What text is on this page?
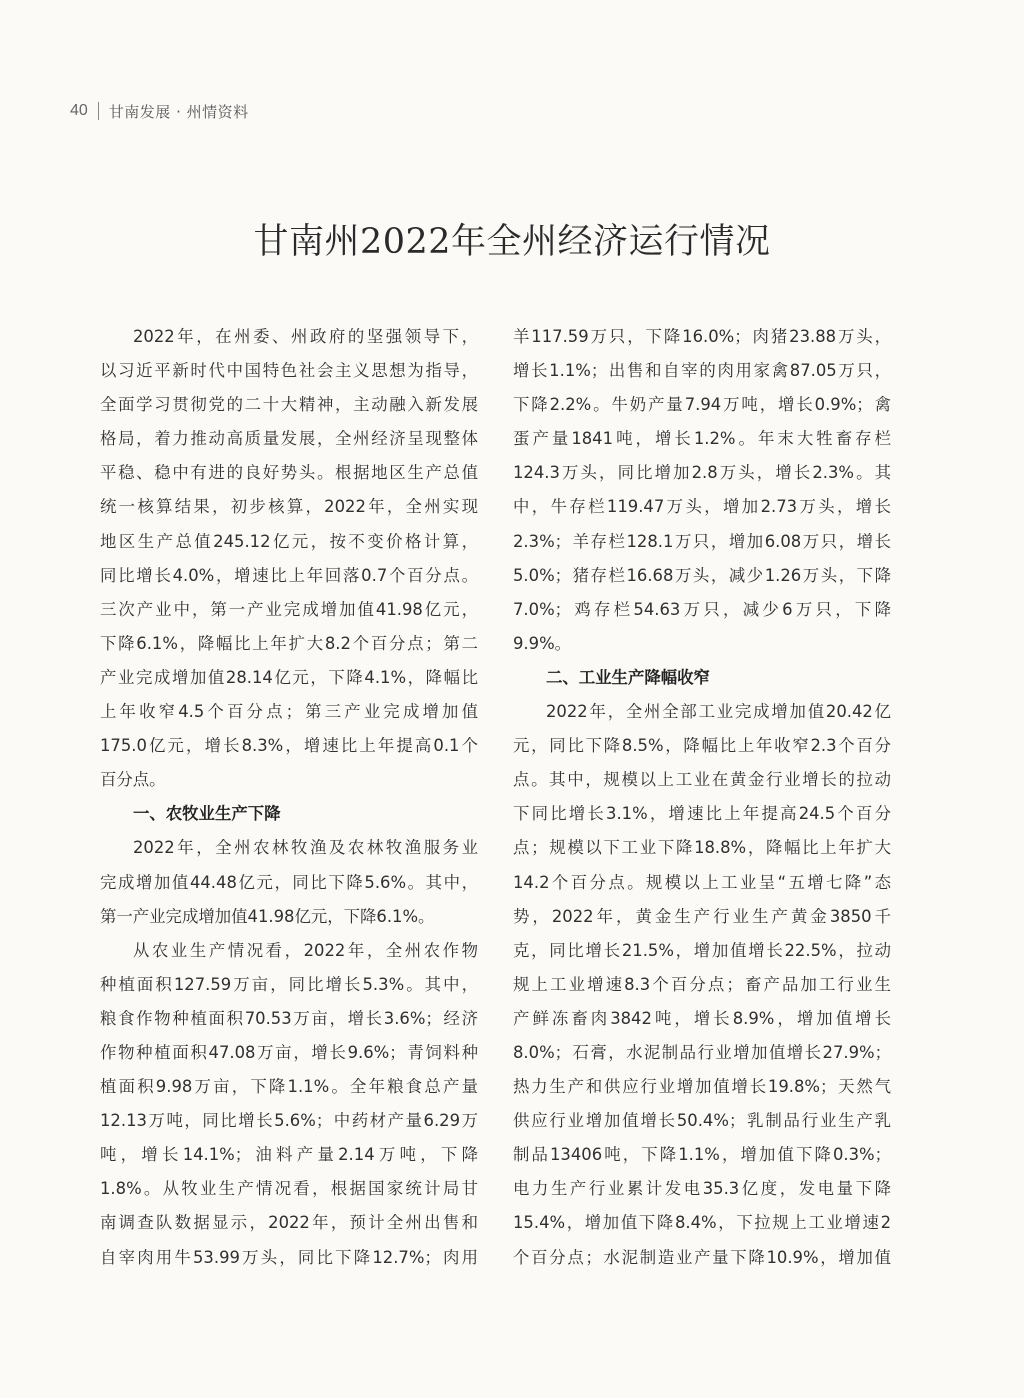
40 甘南发展 · 州情资料
甘南州2022年全州经济运行情况
2022年，在州委、州政府的坚强领导下，
以习近平新时代中国特色社会主义思想为指导，
全面学习贯彻党的二十大精神，主动融入新发展
格局，着力推动高质量发展，全州经济呈现整体
平稳、稳中有进的良好势头。根据地区生产总值
统一核算结果，初步核算，2022年，全州实现
地区生产总值245.12亿元，按不变价格计算，
同比增长4.0%，增速比上年回落0.7个百分点。
三次产业中，第一产业完成增加值41.98亿元，
下降6.1%，降幅比上年扩大8.2个百分点；第二
产业完成增加值28.14亿元，下降4.1%，降幅比
上年收窄4.5个百分点；第三产业完成增加值
175.0亿元，增长8.3%，增速比上年提高0.1个
百分点。
一、农牧业生产下降
2022年，全州农林牧渔及农林牧渔服务业
完成增加值44.48亿元，同比下降5.6%。其中，
第一产业完成增加值41.98亿元，下降6.1%。
从农业生产情况看，2022年，全州农作物
种植面积127.59万亩，同比增长5.3%。其中，
粮食作物种植面积70.53万亩，增长3.6%；经济
作物种植面积47.08万亩，增长9.6%；青饲料种
植面积9.98万亩，下降1.1%。全年粮食总产量
12.13万吨，同比增长5.6%；中药材产量6.29万
吨，增长14.1%；油料产量2.14万吨，下降
1.8%。从牧业生产情况看，根据国家统计局甘
南调查队数据显示，2022年，预计全州出售和
自宰肉用牛53.99万头，同比下降12.7%；肉用
羊117.59万只，下降16.0%；肉猪23.88万头，
增长1.1%；出售和自宰的肉用家禽87.05万只，
下降2.2%。牛奶产量7.94万吨，增长0.9%；禽
蛋产量1841吨，增长1.2%。年末大牲畜存栏
124.3万头，同比增加2.8万头，增长2.3%。其
中，牛存栏119.47万头，增加2.73万头，增长
2.3%；羊存栏128.1万只，增加6.08万只，增长
5.0%；猪存栏16.68万头，减少1.26万头，下降
7.0%；鸡存栏54.63万只，减少6万只，下降
9.9%。
二、工业生产降幅收窄
2022年，全州全部工业完成增加值20.42亿
元，同比下降8.5%，降幅比上年收窄2.3个百分
点。其中，规模以上工业在黄金行业增长的拉动
下同比增长3.1%，增速比上年提高24.5个百分
点；规模以下工业下降18.8%，降幅比上年扩大
14.2个百分点。规模以上工业呈“五增七降”态
势，2022年，黄金生产行业生产黄金3850千
克，同比增长21.5%，增加值增长22.5%，拉动
规上工业增速8.3个百分点；畜产品加工行业生
产鲜冻畜肉3842吨，增长8.9%，增加值增长
8.0%；石膏，水泥制品行业增加值增长27.9%；
热力生产和供应行业增加值增长19.8%；天然气
供应行业增加值增长50.4%；乳制品行业生产乳
制品13406吨，下降1.1%，增加值下降0.3%；
电力生产行业累计发电35.3亿度，发电量下降
15.4%，增加值下降8.4%，下拉规上工业增速2
个百分点；水泥制造业产量下降10.9%，增加值
